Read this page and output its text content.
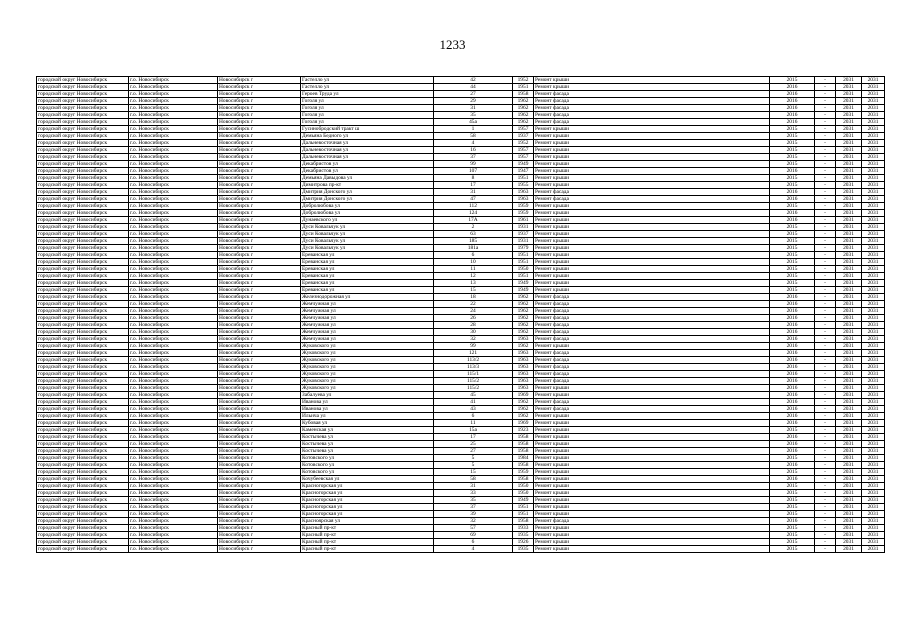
1233
городской округ Новосибирск	г.о. Новосибирск	Новосибирск г	Гастелло ул	42	1952	Ремонт крыши	2015	-	2031	2031
городской округ Новосибирск	г.о. Новосибирск	Новосибирск г	Гастелло ул	44	1951	Ремонт крыши	2016	-	2031	2031
городской округ Новосибирск	г.о. Новосибирск	Новосибирск г	Героев Труда ул	27	1958	Ремонт фасада	2016	-	2031	2031
городской округ Новосибирск	г.о. Новосибирск	Новосибирск г	Гоголя ул	29	1962	Ремонт фасада	2016	-	2031	2031
городской округ Новосибирск	г.о. Новосибирск	Новосибирск г	Гоголя ул	31	1962	Ремонт фасада	2016	-	2031	2031
городской округ Новосибирск	г.о. Новосибирск	Новосибирск г	Гоголя ул	35	1962	Ремонт фасада	2016	-	2031	2031
городской округ Новосибирск	г.о. Новосибирск	Новосибирск г	Гоголя ул	45а	1962	Ремонт фасада	2016	-	2031	2031
городской округ Новосибирск	г.о. Новосибирск	Новосибирск г	Гусинобродский тракт ш	1	1957	Ремонт крыши	2015	-	2031	2031
городской округ Новосибирск	г.о. Новосибирск	Новосибирск г	Демьяна Бедного ул	58	1937	Ремонт крыши	2015	-	2031	2031
городской округ Новосибирск	г.о. Новосибирск	Новосибирск г	Дальневосточная ул	4	1952	Ремонт крыши	2015	-	2031	2031
городской округ Новосибирск	г.о. Новосибирск	Новосибирск г	Дальневосточная ул	16	1957	Ремонт крыши	2015	-	2031	2031
городской округ Новосибирск	г.о. Новосибирск	Новосибирск г	Дальневосточная ул	37	1957	Ремонт крыши	2015	-	2031	2031
городской округ Новосибирск	г.о. Новосибирск	Новосибирск г	Декабристов ул	99	1949	Ремонт крыши	2015	-	2031	2031
городской округ Новосибирск	г.о. Новосибирск	Новосибирск г	Декабристов ул	107	1947	Ремонт крыши	2016	-	2031	2031
городской округ Новосибирск	г.о. Новосибирск	Новосибирск г	Демьяна Давыдова ул	8	1951	Ремонт крыши	2015	-	2031	2031
городской округ Новосибирск	г.о. Новосибирск	Новосибирск г	Димитрова пр-кт	17	1955	Ремонт крыши	2015	-	2031	2031
городской округ Новосибирск	г.о. Новосибирск	Новосибирск г	Дмитрия Донского ул	31	1963	Ремонт фасада	2016	-	2031	2031
городской округ Новосибирск	г.о. Новосибирск	Новосибирск г	Дмитрия Донского ул	47	1963	Ремонт фасада	2016	-	2031	2031
городской округ Новосибирск	г.о. Новосибирск	Новосибирск г	Добролюбова ул	112	1959	Ремонт крыши	2015	-	2031	2031
городской округ Новосибирск	г.о. Новосибирск	Новосибирск г	Добролюбова ул	124	1959	Ремонт крыши	2016	-	2031	2031
городской округ Новосибирск	г.о. Новосибирск	Новосибирск г	Дунаевского ул	17А	1961	Ремонт крыши	2016	-	2031	2031
городской округ Новосибирск	г.о. Новосибирск	Новосибирск г	Дуси Ковальчук ул	2	1931	Ремонт крыши	2015	-	2031	2031
городской округ Новосибирск	г.о. Новосибирск	Новосибирск г	Дуси Ковальчук ул	63	1937	Ремонт крыши	2015	-	2031	2031
городской округ Новосибирск	г.о. Новосибирск	Новосибирск г	Дуси Ковальчук ул	185	1931	Ремонт крыши	2015	-	2031	2031
городской округ Новосибирск	г.о. Новосибирск	Новосибирск г	Дуси Ковальчук ул	181а	1979	Ремонт крыши	2015	-	2031	2031
городской округ Новосибирск	г.о. Новосибирск	Новосибирск г	Ереванская ул	6	1951	Ремонт крыши	2015	-	2031	2031
городской округ Новосибирск	г.о. Новосибирск	Новосибирск г	Ереванская ул	10	1951	Ремонт крыши	2015	-	2031	2031
городской округ Новосибирск	г.о. Новосибирск	Новосибирск г	Ереванская ул	11	1950	Ремонт крыши	2015	-	2031	2031
городской округ Новосибирск	г.о. Новосибирск	Новосибирск г	Ереванская ул	12	1951	Ремонт крыши	2015	-	2031	2031
городской округ Новосибирск	г.о. Новосибирск	Новосибирск г	Ереванская ул	13	1949	Ремонт крыши	2015	-	2031	2031
городской округ Новосибирск	г.о. Новосибирск	Новосибирск г	Ереванская ул	15	1949	Ремонт крыши	2015	-	2031	2031
городской округ Новосибирск	г.о. Новосибирск	Новосибирск г	Железнодорожная ул	18	1962	Ремонт фасада	2016	-	2031	2031
городской округ Новосибирск	г.о. Новосибирск	Новосибирск г	Жемчужная ул	22	1962	Ремонт фасада	2016	-	2031	2031
городской округ Новосибирск	г.о. Новосибирск	Новосибирск г	Жемчужная ул	24	1962	Ремонт фасада	2016	-	2031	2031
городской округ Новосибирск	г.о. Новосибирск	Новосибирск г	Жемчужная ул	26	1962	Ремонт фасада	2016	-	2031	2031
городской округ Новосибирск	г.о. Новосибирск	Новосибирск г	Жемчужная ул	28	1962	Ремонт фасада	2016	-	2031	2031
городской округ Новосибирск	г.о. Новосибирск	Новосибирск г	Жемчужная ул	30	1962	Ремонт фасада	2016	-	2031	2031
городской округ Новосибирск	г.о. Новосибирск	Новосибирск г	Жемчужная ул	32	1963	Ремонт фасада	2016	-	2031	2031
городской округ Новосибирск	г.о. Новосибирск	Новосибирск г	Жуковского ул	99	1962	Ремонт крыши	2016	-	2031	2031
городской округ Новосибирск	г.о. Новосибирск	Новосибирск г	Жуковского ул	121	1963	Ремонт фасада	2016	-	2031	2031
городской округ Новосибирск	г.о. Новосибирск	Новосибирск г	Жуковского ул	113/2	1963	Ремонт фасада	2016	-	2031	2031
городской округ Новосибирск	г.о. Новосибирск	Новосибирск г	Жуковского ул	113/3	1963	Ремонт фасада	2016	-	2031	2031
городской округ Новосибирск	г.о. Новосибирск	Новосибирск г	Жуковского ул	115/1	1963	Ремонт фасада	2016	-	2031	2031
городской округ Новосибирск	г.о. Новосибирск	Новосибирск г	Жуковского ул	115/2	1963	Ремонт фасада	2016	-	2031	2031
городской округ Новосибирск	г.о. Новосибирск	Новосибирск г	Жуковского ул	115/2	1963	Ремонт крыши	2016	-	2031	2031
городской округ Новосибирск	г.о. Новосибирск	Новосибирск г	Забалуева ул	45	1969	Ремонт крыши	2016	-	2031	2031
городской округ Новосибирск	г.о. Новосибирск	Новосибирск г	Иванова ул	41	1962	Ремонт фасада	2016	-	2031	2031
городской округ Новосибирск	г.о. Новосибирск	Новосибирск г	Иванова ул	43	1962	Ремонт фасада	2016	-	2031	2031
городской округ Новосибирск	г.о. Новосибирск	Новосибирск г	Ильича ул	6	1962	Ремонт крыши	2016	-	2031	2031
городской округ Новосибирск	г.о. Новосибирск	Новосибирск г	Кубовая ул	11	1969	Ремонт крыши	2016	-	2031	2031
городской округ Новосибирск	г.о. Новосибирск	Новосибирск г	Каменская ул	15а	1923	Ремонт крыши	2015	-	2031	2031
городской округ Новосибирск	г.о. Новосибирск	Новосибирск г	Костычева ул	17	1958	Ремонт крыши	2016	-	2031	2031
городской округ Новосибирск	г.о. Новосибирск	Новосибирск г	Костычева ул	25	1958	Ремонт крыши	2016	-	2031	2031
городской округ Новосибирск	г.о. Новосибирск	Новосибирск г	Костычева ул	27	1958	Ремонт крыши	2016	-	2031	2031
городской округ Новосибирск	г.о. Новосибирск	Новосибирск г	Котовского ул	5	1984	Ремонт крыши	2015	-	2031	2031
городской округ Новосибирск	г.о. Новосибирск	Новосибирск г	Котовского ул	5	1958	Ремонт крыши	2016	-	2031	2031
городской округ Новосибирск	г.о. Новосибирск	Новосибирск г	Котовского ул	15	1959	Ремонт крыши	2015	-	2031	2031
городской округ Новосибирск	г.о. Новосибирск	Новосибирск г	Кочубеевская ул	58	1958	Ремонт крыши	2016	-	2031	2031
городской округ Новосибирск	г.о. Новосибирск	Новосибирск г	Красногорская ул	31	1950	Ремонт крыши	2015	-	2031	2031
городской округ Новосибирск	г.о. Новосибирск	Новосибирск г	Красногорская ул	33	1950	Ремонт крыши	2015	-	2031	2031
городской округ Новосибирск	г.о. Новосибирск	Новосибирск г	Красногорская ул	35	1949	Ремонт крыши	2015	-	2031	2031
городской округ Новосибирск	г.о. Новосибирск	Новосибирск г	Красногорская ул	37	1951	Ремонт крыши	2015	-	2031	2031
городской округ Новосибирск	г.о. Новосибирск	Новосибирск г	Красногорская ул	39	1951	Ремонт крыши	2015	-	2031	2031
городской округ Новосибирск	г.о. Новосибирск	Новосибирск г	Красноярская ул	32	1958	Ремонт фасада	2016	-	2031	2031
городской округ Новосибирск	г.о. Новосибирск	Новосибирск г	Красный пр-кт	57	1933	Ремонт крыши	2015	-	2031	2031
городской округ Новосибирск	г.о. Новосибирск	Новосибирск г	Красный пр-кт	69	1935	Ремонт крыши	2015	-	2031	2031
городской округ Новосибирск	г.о. Новосибирск	Новосибирск г	Красный пр-кт	6	1926	Ремонт крыши	2015	-	2031	2031
городской округ Новосибирск	г.о. Новосибирск	Новосибирск г	Красный пр-кт	4	1935	Ремонт крыши	2015	-	2031	2031
